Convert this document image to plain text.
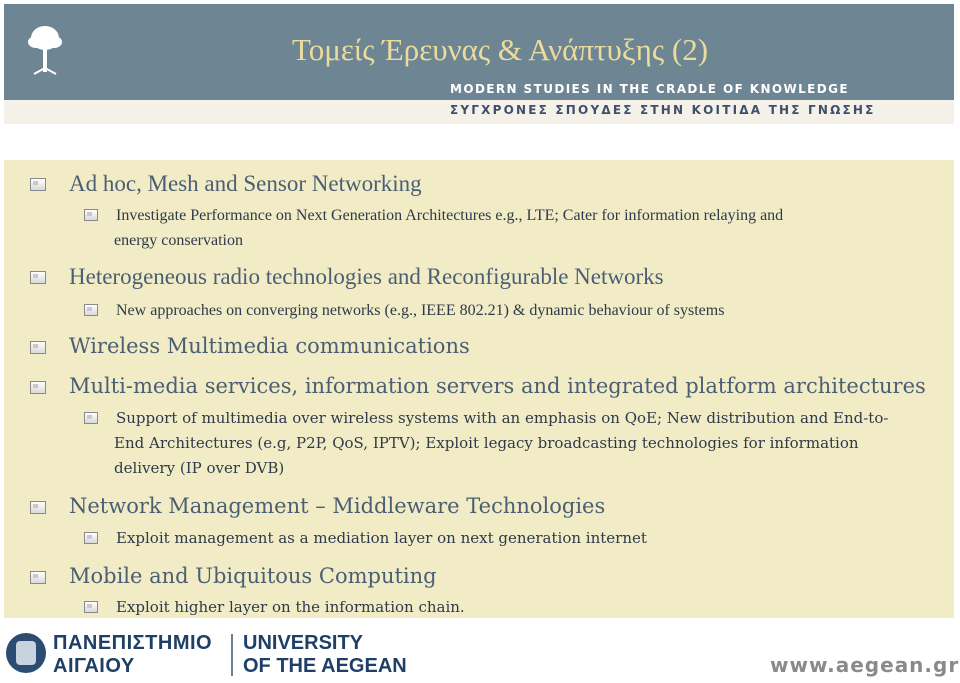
Τομείς Έρευνας & Ανάπτυξης (2)
MODERN STUDIES IN THE CRADLE OF KNOWLEDGE
ΣΥΓΧΡΟΝΕΣ ΣΠΟΥΔΕΣ ΣΤΗΝ ΚΟΙΤΙΔΑ ΤΗΣ ΓΝΩΣΗΣ
Ad hoc, Mesh and Sensor Networking
Investigate Performance on Next Generation Architectures e.g., LTE; Cater for information relaying and
energy conservation
Heterogeneous radio technologies and Reconfigurable Networks
New approaches on converging networks (e.g., IEEE 802.21) & dynamic behaviour of systems
Wireless Multimedia communications
Multi-media services, information servers and integrated platform architectures
Support of multimedia over wireless systems with an emphasis on QoE; New distribution and End-to-
End Architectures (e.g, P2P, QoS, IPTV); Exploit legacy broadcasting technologies for information
delivery (IP over DVB)
Network Management – Middleware Technologies
Exploit management as a mediation layer on next generation internet
Mobile and Ubiquitous Computing
Exploit higher layer on the information chain.
ΠΑΝΕΠΙΣΤΗΜΙΟ
ΑΙΓΑΙΟΥ
UNIVERSITY
OF THE AEGEAN	www.aegean.gr
